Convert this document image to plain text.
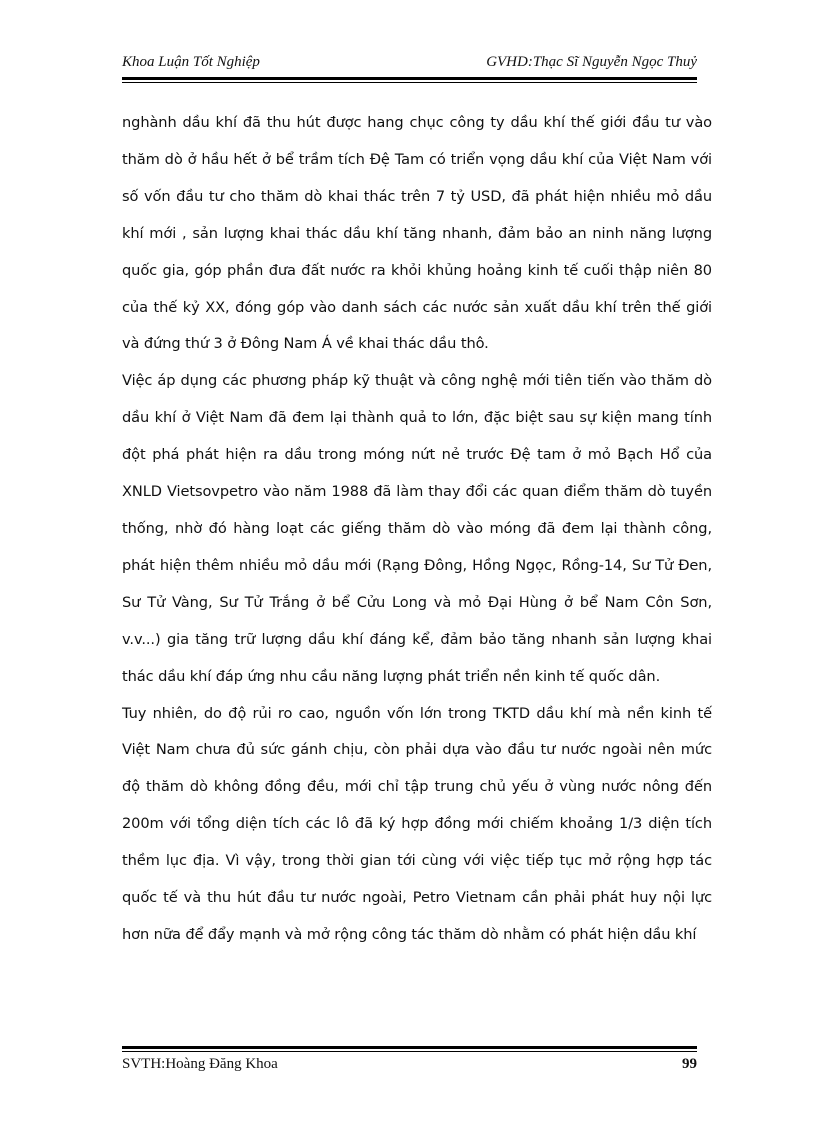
Khoa Luận Tốt Nghiệp	GVHD:Thạc Sĩ Nguyễn Ngọc Thuỷ

nghành dầu khí đã thu hút được hang chục công ty dầu khí thế giới đầu tư vào thăm dò ở hầu hết ở bể trầm tích Đệ Tam có triển vọng dầu khí của Việt Nam với số vốn đầu tư cho thăm dò khai thác trên 7 tỷ USD, đã phát hiện nhiều mỏ dầu khí mới , sản lượng khai thác dầu khí tăng nhanh, đảm bảo an ninh năng lượng quốc gia, góp phần đưa đất nước ra khỏi khủng hoảng kinh tế cuối thập niên 80 của thế kỷ XX, đóng góp vào danh sách các nước sản xuất dầu khí trên thế giới và đứng thứ 3 ở Đông Nam Á về khai thác dầu thô.

Việc áp dụng các phương pháp kỹ thuật và công nghệ mới tiên tiến vào thăm dò dầu khí ở Việt Nam đã đem lại thành quả to lớn, đặc biệt sau sự kiện mang tính đột phá phát hiện ra dầu trong móng nứt nẻ trước Đệ tam ở mỏ Bạch Hổ của XNLD Vietsovpetro vào năm 1988 đã làm thay đổi các quan điểm thăm dò tuyền thống, nhờ đó hàng loạt các giếng thăm dò vào móng đã đem lại thành công, phát hiện thêm nhiều mỏ dầu mới (Rạng Đông, Hồng Ngọc, Rồng-14, Sư Tử Đen, Sư Tử Vàng, Sư Tử Trắng ở bể Cửu Long và mỏ Đại Hùng ở bể Nam Côn Sơn, v.v...) gia tăng trữ lượng dầu khí đáng kể, đảm bảo tăng nhanh sản lượng khai thác dầu khí đáp ứng nhu cầu năng lượng phát triển nền kinh tế quốc dân.

Tuy nhiên, do độ rủi ro cao, nguồn vốn lớn trong TKTD dầu khí mà nền kinh tế Việt Nam chưa đủ sức gánh chịu, còn phải dựa vào đầu tư nước ngoài nên mức độ thăm dò không đồng đều, mới chỉ tập trung chủ yếu ở vùng nước nông đến 200m với tổng diện tích các lô đã ký hợp đồng mới chiếm khoảng 1/3 diện tích thềm lục địa. Vì vậy, trong thời gian tới cùng với việc tiếp tục mở rộng hợp tác quốc tế và thu hút đầu tư nước ngoài, Petro Vietnam cần phải phát huy nội lực hơn nữa để đẩy mạnh và mở rộng công tác thăm dò nhằm có phát hiện dầu khí

SVTH:Hoàng Đăng Khoa	99
